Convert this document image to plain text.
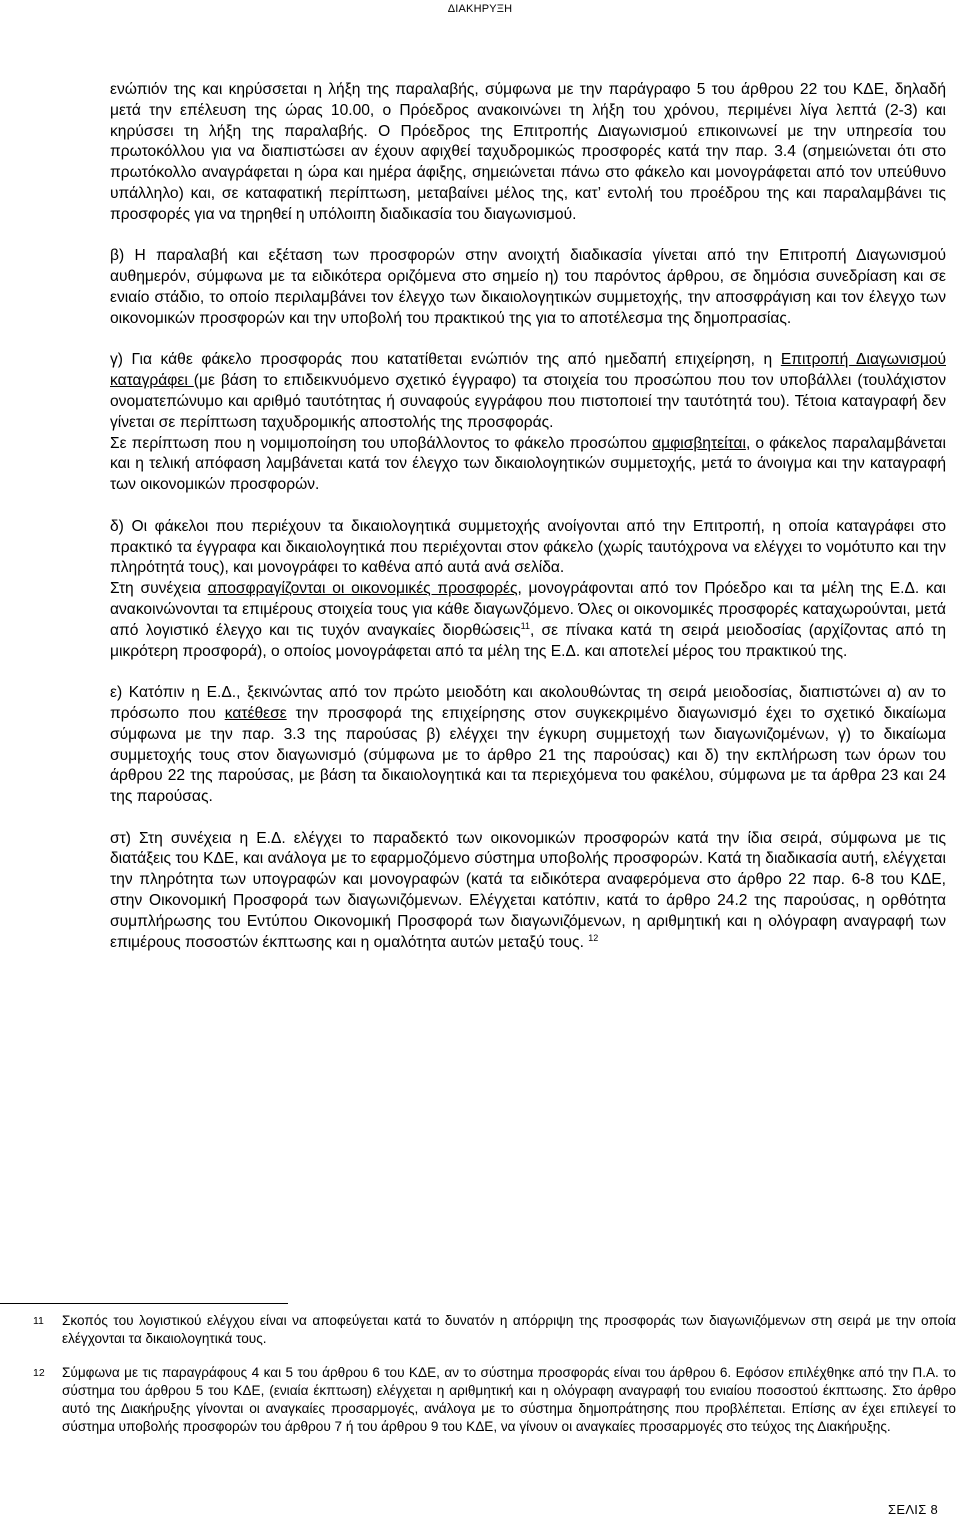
ΔΙΑΚΗΡΥΞΗ

ενώπιόν της και κηρύσσεται η λήξη της παραλαβής, σύμφωνα με την παράγραφο 5 του άρθρου 22 του ΚΔΕ, δηλαδή μετά την επέλευση της ώρας 10.00, ο Πρόεδρος ανακοινώνει τη λήξη του χρόνου, περιμένει λίγα λεπτά (2-3) και κηρύσσει τη λήξη της παραλαβής. Ο Πρόεδρος της Επιτροπής Διαγωνισμού επικοινωνεί με την υπηρεσία του πρωτοκόλλου για να διαπιστώσει αν έχουν αφιχθεί ταχυδρομικώς προσφορές κατά την παρ. 3.4 (σημειώνεται ότι στο πρωτόκολλο αναγράφεται η ώρα και ημέρα άφιξης, σημειώνεται πάνω στο φάκελο και μονογράφεται από τον υπεύθυνο υπάλληλο) και, σε καταφατική περίπτωση, μεταβαίνει μέλος της, κατ’ εντολή του προέδρου της και παραλαμβάνει τις προσφορές για να τηρηθεί η υπόλοιπη διαδικασία του διαγωνισμού.

β) Η παραλαβή και εξέταση των προσφορών στην ανοιχτή διαδικασία γίνεται από την Επιτροπή Διαγωνισμού αυθημερόν, σύμφωνα με τα ειδικότερα οριζόμενα στο σημείο η) του παρόντος άρθρου, σε δημόσια συνεδρίαση και σε ενιαίο στάδιο, το οποίο περιλαμβάνει τον έλεγχο των δικαιολογητικών συμμετοχής, την αποσφράγιση και τον έλεγχο των οικονομικών προσφορών και την υποβολή του πρακτικού της για το αποτέλεσμα της δημοπρασίας.

γ) Για κάθε φάκελο προσφοράς που κατατίθεται ενώπιόν της από ημεδαπή επιχείρηση, η Επιτροπή Διαγωνισμού καταγράφει (με βάση το επιδεικνυόμενο σχετικό έγγραφο) τα στοιχεία του προσώπου που τον υποβάλλει (τουλάχιστον ονοματεπώνυμο και αριθμό ταυτότητας ή συναφούς εγγράφου που πιστοποιεί την ταυτότητά του). Τέτοια καταγραφή δεν γίνεται σε περίπτωση ταχυδρομικής αποστολής της προσφοράς.

Σε περίπτωση που η νομιμοποίηση του υποβάλλοντος το φάκελο προσώπου αμφισβητείται, ο φάκελος παραλαμβάνεται και η τελική απόφαση λαμβάνεται κατά τον έλεγχο των δικαιολογητικών συμμετοχής, μετά το άνοιγμα και την καταγραφή των οικονομικών προσφορών.

δ) Οι φάκελοι που περιέχουν τα δικαιολογητικά συμμετοχής ανοίγονται από την Επιτροπή, η οποία καταγράφει στο πρακτικό τα έγγραφα και δικαιολογητικά που περιέχονται στον φάκελο (χωρίς ταυτόχρονα να ελέγχει το νομότυπο και την πληρότητά τους), και μονογράφει το καθένα από αυτά ανά σελίδα.

Στη συνέχεια αποσφραγίζονται οι οικονομικές προσφορές, μονογράφονται από τον Πρόεδρο και τα μέλη της Ε.Δ. και ανακοινώνονται τα επιμέρους στοιχεία τους για κάθε διαγωνζόμενο. Όλες οι οικονομικές προσφορές καταχωρούνται, μετά από λογιστικό έλεγχο και τις τυχόν αναγκαίες διορθώσεις$^{11}$, σε πίνακα κατά τη σειρά μειοδοσίας (αρχίζοντας από τη μικρότερη προσφορά), ο οποίος μονογράφεται από τα μέλη της Ε.Δ. και αποτελεί μέρος του πρακτικού της.

ε) Κατόπιν η Ε.Δ., ξεκινώντας από τον πρώτο μειοδότη και ακολουθώντας τη σειρά μειοδοσίας, διαπιστώνει α) αν το πρόσωπο που κατέθεσε την προσφορά της επιχείρησης στον συγκεκριμένο διαγωνισμό έχει το σχετικό δικαίωμα σύμφωνα με την παρ. 3.3 της παρούσας β) ελέγχει την έγκυρη συμμετοχή των διαγωνιζομένων, γ) το δικαίωμα συμμετοχής τους στον διαγωνισμό (σύμφωνα με το άρθρο 21 της παρούσας) και δ) την εκπλήρωση των όρων του άρθρου 22 της παρούσας, με βάση τα δικαιολογητικά και τα περιεχόμενα του φακέλου, σύμφωνα με τα άρθρα 23 και 24 της παρούσας.

στ) Στη συνέχεια η Ε.Δ. ελέγχει το παραδεκτό των οικονομικών προσφορών κατά την ίδια σειρά, σύμφωνα με τις διατάξεις του ΚΔΕ, και ανάλογα με το εφαρμοζόμενο σύστημα υποβολής προσφορών. Κατά τη διαδικασία αυτή, ελέγχεται την πληρότητα των υπογραφών και μονογραφών (κατά τα ειδικότερα αναφερόμενα στο άρθρο 22 παρ. 6-8 του ΚΔΕ, στην Οικονομική Προσφορά των διαγωνιζόμενων. Ελέγχεται κατόπιν, κατά το άρθρο 24.2 της παρούσας, η ορθότητα συμπλήρωσης του Εντύπου Οικονομική Προσφορά των διαγωνιζόμενων, η αριθμητική και η ολόγραφη αναγραφή των επιμέρους ποσοστών έκπτωσης και η ομαλότητα αυτών μεταξύ τους. $^{12}$

11 Σκοπός του λογιστικού ελέγχου είναι να αποφεύγεται κατά το δυνατόν η απόρριψη της προσφοράς των διαγωνιζόμενων στη σειρά με την οποία ελέγχονται τα δικαιολογητικά τους.
12 Σύμφωνα με τις παραγράφους 4 και 5 του άρθρου 6 του ΚΔΕ, αν το σύστημα προσφοράς είναι του άρθρου 6. Εφόσον επιλέχθηκε από την Π.Α. το σύστημα του άρθρου 5 του ΚΔΕ, (ενιαία έκπτωση) ελέγχεται η αριθμητική και η ολόγραφη αναγραφή του ενιαίου ποσοστού έκπτωσης. Στο άρθρο αυτό της Διακήρυξης γίνονται οι αναγκαίες προσαρμογές, ανάλογα με το σύστημα δημοπράτησης που προβλέπεται. Επίσης αν έχει επιλεγεί το σύστημα υποβολής προσφορών του άρθρου 7 ή του άρθρου 9 του ΚΔΕ, να γίνουν οι αναγκαίες προσαρμογές στο τεύχος της Διακήρυξης.
ΣΕΛΙΣ 8
